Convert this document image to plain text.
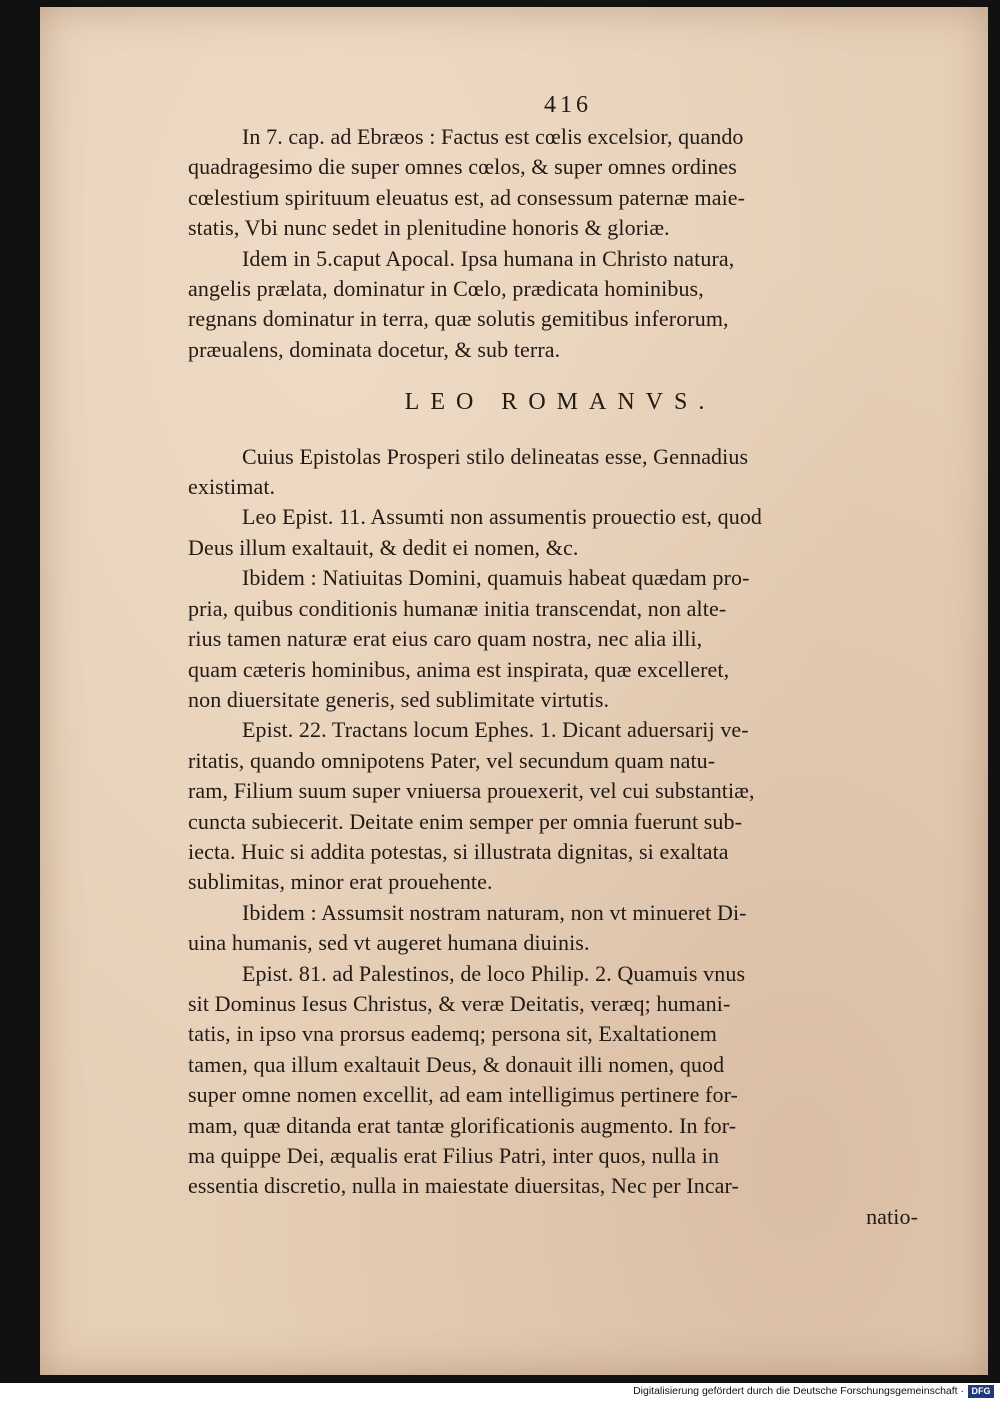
416

In 7. cap. ad Ebræos : Factus est cœlis excelsior, quando
quadragesimo die super omnes cœlos, & super omnes ordines
cœlestium spirituum eleuatus est, ad consessum paternæ maie-
statis, Vbi nunc sedet in plenitudine honoris & gloriæ.

Idem in 5.caput Apocal. Ipsa humana in Christo natura,
angelis prælata, dominatur in Cœlo, prædicata hominibus,
regnans dominatur in terra, quæ solutis gemitibus inferorum,
præualens, dominata docetur, & sub terra.

LEO ROMANVS.

Cuius Epistolas Prosperi stilo delineatas esse, Gennadius
existimat.

Leo Epist. 11. Assumti non assumentis prouectio est, quod
Deus illum exaltauit, & dedit ei nomen, &c.

Ibidem : Natiuitas Domini, quamuis habeat quædam pro-
pria, quibus conditionis humanæ initia transcendat, non alte-
rius tamen naturæ erat eius caro quam nostra, nec alia illi,
quam cæteris hominibus, anima est inspirata, quæ excelleret,
non diuersitate generis, sed sublimitate virtutis.

Epist. 22. Tractans locum Ephes. 1. Dicant aduersarij ve-
ritatis, quando omnipotens Pater, vel secundum quam natu-
ram, Filium suum super vniuersa prouexerit, vel cui substantiæ,
cuncta subiecerit. Deitate enim semper per omnia fuerunt sub-
iecta. Huic si addita potestas, si illustrata dignitas, si exaltata
sublimitas, minor erat prouehente.

Ibidem : Assumsit nostram naturam, non vt minueret Di-
uina humanis, sed vt augeret humana diuinis.

Epist. 81. ad Palestinos, de loco Philip. 2. Quamuis vnus
sit Dominus Iesus Christus, & veræ Deitatis, veræq; humani-
tatis, in ipso vna prorsus eademq; persona sit, Exaltationem
tamen, qua illum exaltauit Deus, & donauit illi nomen, quod
super omne nomen excellit, ad eam intelligimus pertinere for-
mam, quæ ditanda erat tantæ glorificationis augmento. In for-
ma quippe Dei, æqualis erat Filius Patri, inter quos, nulla in
essentia discretio, nulla in maiestate diuersitas, Nec per Incar-

natio-

Digitalisierung gefördert durch die Deutsche Forschungsgemeinschaft · DFG
